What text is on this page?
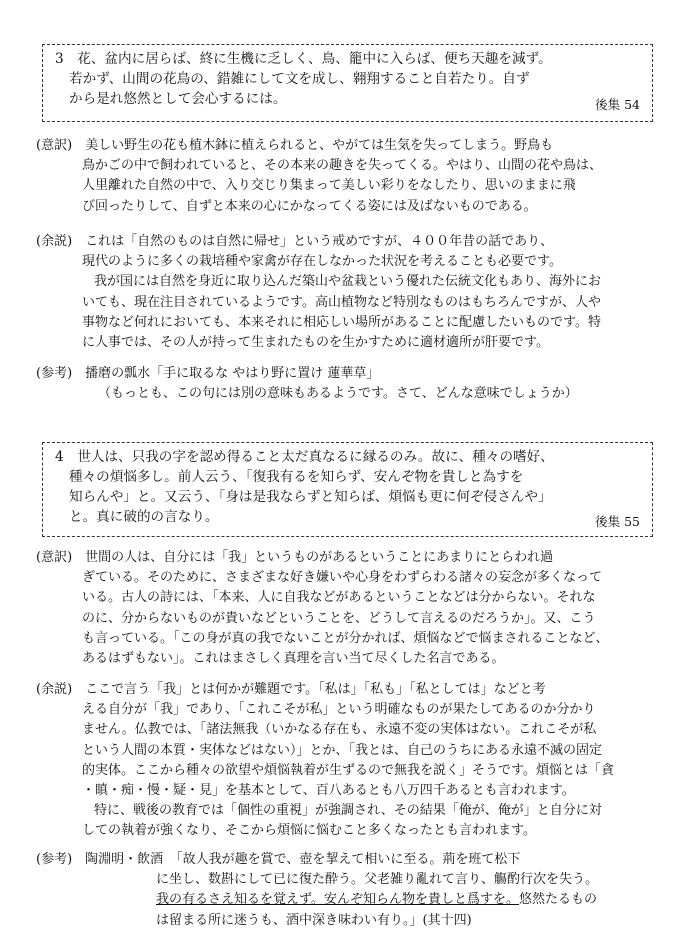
3　花、盆内に居らば、終に生機に乏しく、鳥、籠中に入らば、便ち天趣を減ず。
若かず、山間の花鳥の、錯雑にして文を成し、翱翔すること自若たり。自ず
から是れ悠然として会心するには。	後集 54
(意訳)　美しい野生の花も植木鉢に植えられると、やがては生気を失ってしまう。野鳥も
鳥かごの中で飼われていると、その本来の趣きを失ってくる。やはり、山間の花や鳥は、
人里離れた自然の中で、入り交じり集まって美しい彩りをなしたり、思いのままに飛
び回ったりして、自ずと本来の心にかなってくる姿には及ばないものである。
(余説)　これは「自然のものは自然に帰せ」という戒めですが、４００年昔の話であり、
現代のように多くの栽培種や家禽が存在しなかった状況を考えることも必要です。
我が国には自然を身近に取り込んだ築山や盆栽という優れた伝統文化もあり、海外にお
いても、現在注目されているようです。高山植物など特別なものはもちろんですが、人や
事物など何れにおいても、本来それに相応しい場所があることに配慮したいものです。特
に人事では、その人が持って生まれたものを生かすために適材適所が肝要です。
(参考)　播磨の瓢水「手に取るな やはり野に置け 蓮華草」
（もっとも、この句には別の意味もあるようです。さて、どんな意味でしょうか）
4　世人は、只我の字を認め得ること太だ真なるに縁るのみ。故に、種々の嗜好、
種々の煩悩多し。前人云う、「復我有るを知らず、安んぞ物を貴しと為すを
知らんや」と。又云う、「身は是我ならずと知らば、煩悩も更に何ぞ侵さんや」
と。真に破的の言なり。	後集 55
(意訳)　世間の人は、自分には「我」というものがあるということにあまりにとらわれ過
ぎている。そのために、さまざまな好き嫌いや心身をわずらわる諸々の妄念が多くなって
いる。古人の詩には、「本来、人に自我などがあるということなどは分からない。それな
のに、分からないものが貴いなどということを、どうして言えるのだろうか」。又、こう
も言っている。「この身が真の我でないことが分かれば、煩悩などで悩まされることなど、
あるはずもない」。これはまさしく真理を言い当て尽くした名言である。
(余説)　ここで言う「我」とは何かが難題です。「私は」「私も」「私としては」などと考
える自分が「我」であり、「これこそが私」という明確なものが果たしてあるのか分かり
ません。仏教では、「諸法無我（いかなる存在も、永遠不変の実体はない。これこそが私
という人間の本質・実体などはない）」とか、「我とは、自己のうちにある永遠不滅の固定
的実体。ここから種々の欲望や煩悩執着が生ずるので無我を説く」そうです。煩悩とは「貪
・瞋・痴・慢・疑・見」を基本として、百八あるとも八万四千あるとも言われます。
特に、戦後の教育では「個性の重視」が強調され、その結果「俺が、俺が」と自分に対
しての執着が強くなり、そこから煩悩に悩むこと多くなったとも言われます。
(参考)　陶淵明・飲酒　「故人我が趣を賞で、壺を挈えて相いに至る。荊を班て松下
に坐し、数斟にして已に復た酔う。父老雑り亂れて言り、觴酌行次を失う。
我の有るさえ知るを覚えず。安んぞ知らん物を貴しと爲すを。悠然たるもの
は留まる所に迷うも、酒中深き味わい有り。」(其十四)
